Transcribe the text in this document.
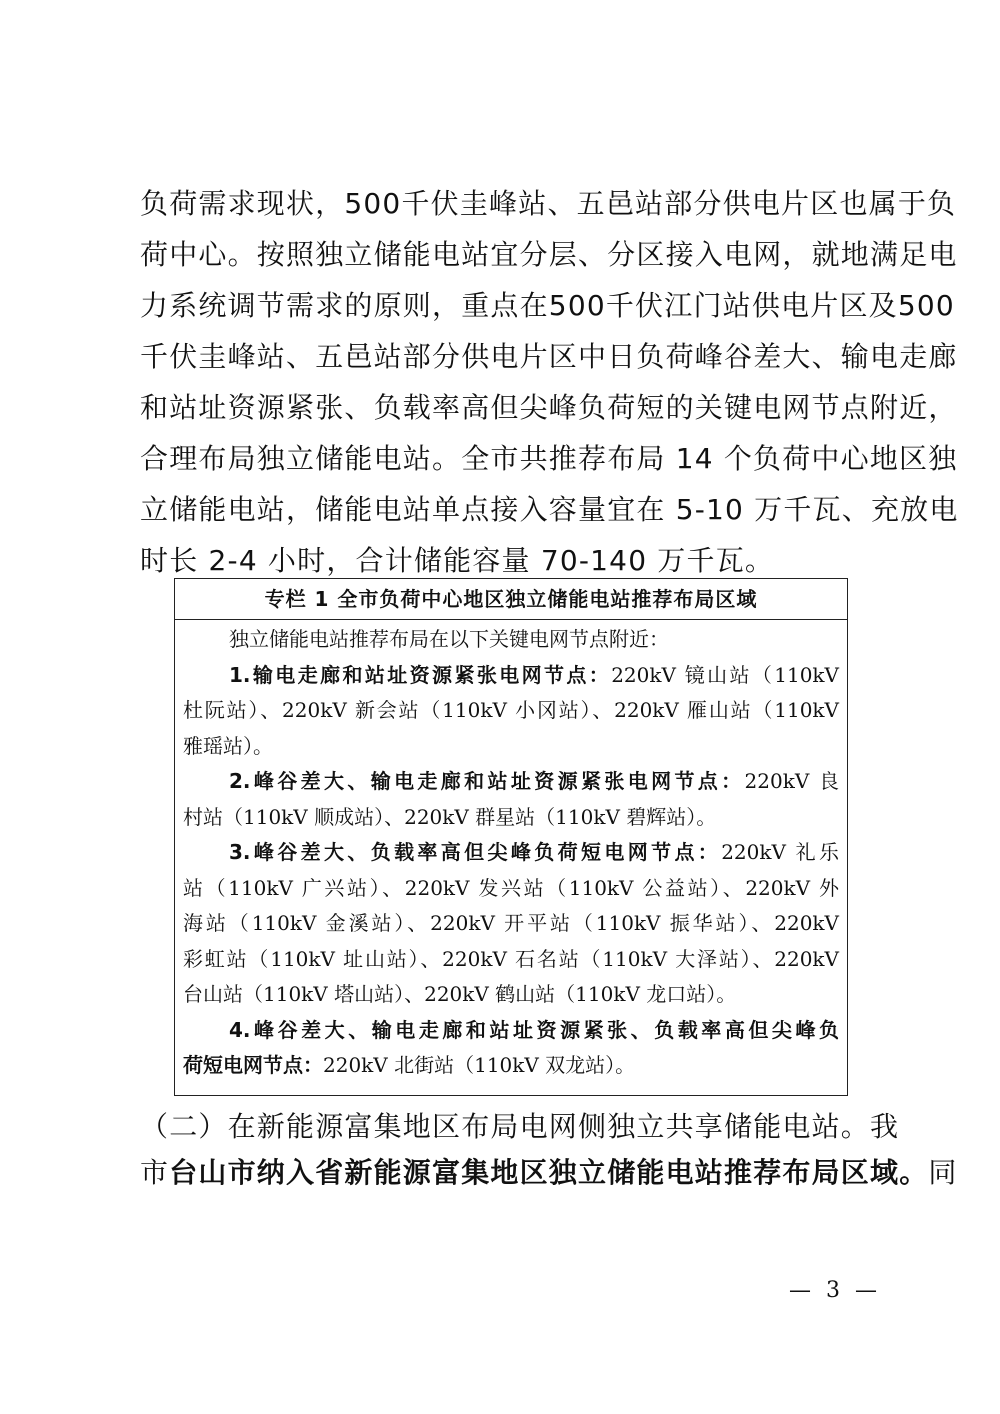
负荷需求现状，500千伏圭峰站、五邑站部分供电片区也属于负

荷中心。按照独立储能电站宜分层、分区接入电网，就地满足电

力系统调节需求的原则，重点在500千伏江门站供电片区及500

千伏圭峰站、五邑站部分供电片区中日负荷峰谷差大、输电走廊

和站址资源紧张、负载率高但尖峰负荷短的关键电网节点附近，

合理布局独立储能电站。全市共推荐布局 14 个负荷中心地区独

立储能电站，储能电站单点接入容量宜在 5-10 万千瓦、充放电

时长 2-4 小时，合计储能容量 70-140 万千瓦。

专栏 1 全市负荷中心地区独立储能电站推荐布局区域

独立储能电站推荐布局在以下关键电网节点附近：

1.输电走廊和站址资源紧张电网节点：220kV 镜山站（110kV

杜阮站）、220kV 新会站（110kV 小冈站）、220kV 雁山站（110kV

雅瑶站）。

2.峰谷差大、输电走廊和站址资源紧张电网节点：220kV 良

村站（110kV 顺成站）、220kV 群星站（110kV 碧辉站）。

3.峰谷差大、负载率高但尖峰负荷短电网节点：220kV 礼乐

站（110kV 广兴站）、220kV 发兴站（110kV 公益站）、220kV 外

海站（110kV 金溪站）、220kV 开平站（110kV 振华站）、220kV

彩虹站（110kV 址山站）、220kV 石名站（110kV 大泽站）、220kV

台山站（110kV 塔山站）、220kV 鹤山站（110kV 龙口站）。

4.峰谷差大、输电走廊和站址资源紧张、负载率高但尖峰负

荷短电网节点：220kV 北街站（110kV 双龙站）。

（二）在新能源富集地区布局电网侧独立共享储能电站。我

市台山市纳入省新能源富集地区独立储能电站推荐布局区域。同

— 3 —
